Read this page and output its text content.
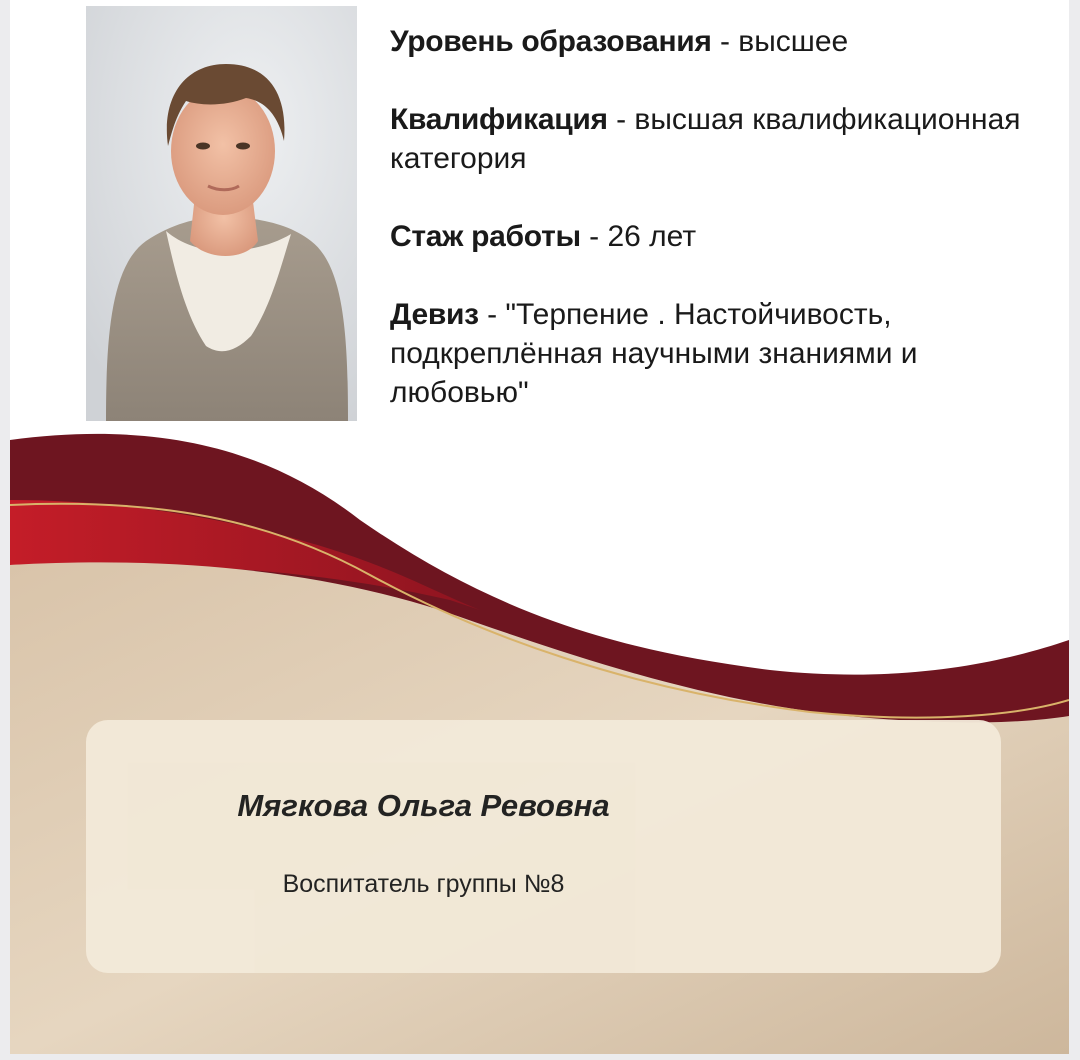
Уровень образования - высшее

Квалификация - высшая квалификационная категория

Стаж работы - 26 лет

Девиз - "Терпение . Настойчивость, подкреплённая научными знаниями и любовью"

Мягкова Ольга Ревовна
Воспитатель группы №8
